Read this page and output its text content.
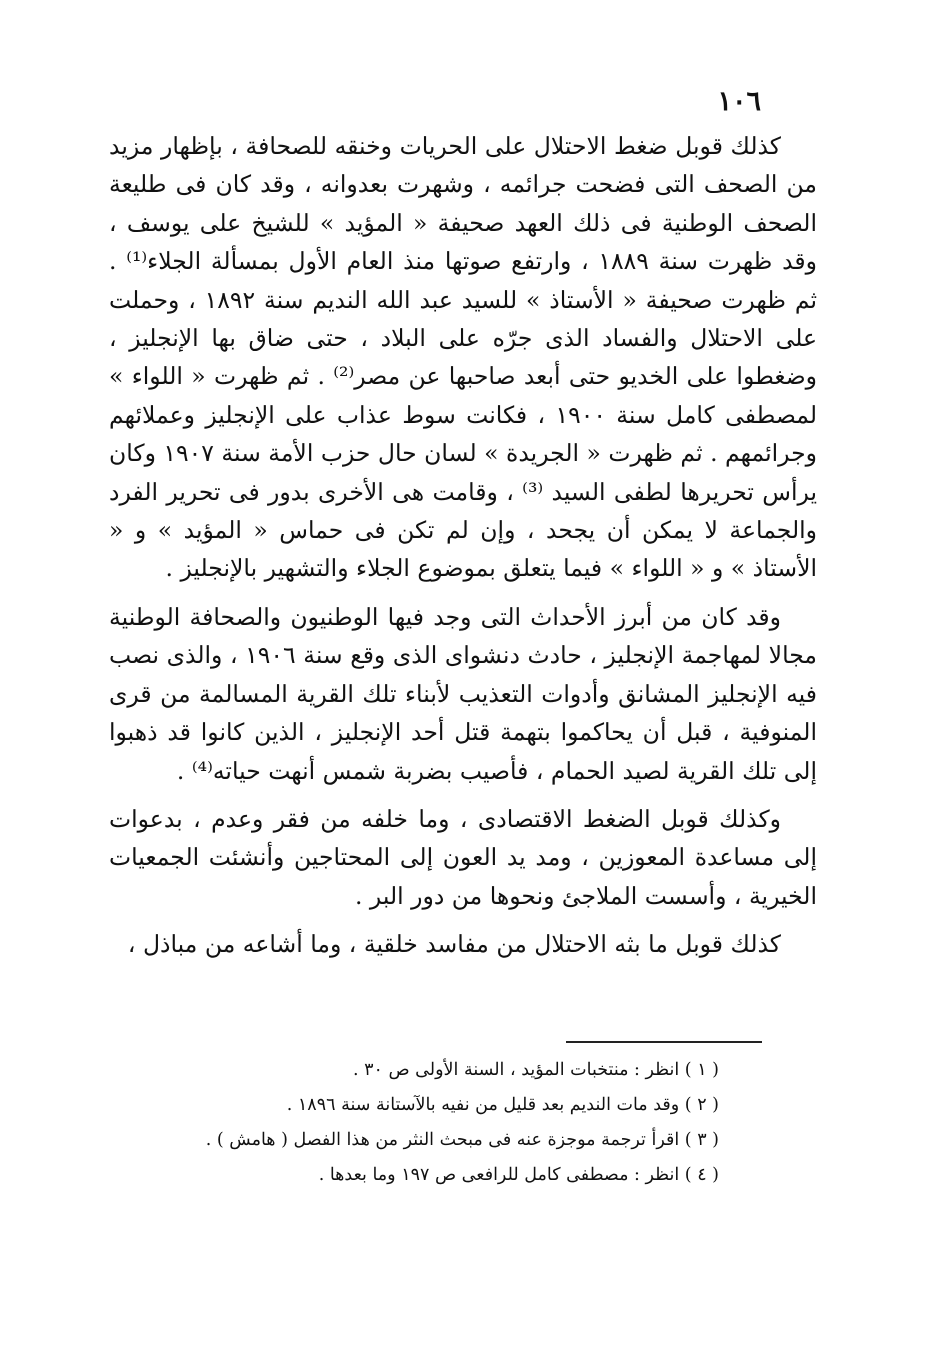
١٠٦

كذلك قوبل ضغط الاحتلال على الحريات وخنقه للصحافة ، بإظهار مزيد من الصحف التى فضحت جرائمه ، وشهرت بعدوانه ، وقد كان فى طليعة الصحف الوطنية فى ذلك العهد صحيفة « المؤيد » للشيخ على يوسف ، وقد ظهرت سنة ١٨٨٩ ، وارتفع صوتها منذ العام الأول بمسألة الجلاء⁽¹⁾ . ثم ظهرت صحيفة « الأستاذ » للسيد عبد الله النديم سنة ١٨٩٢ ، وحملت على الاحتلال والفساد الذى جرّه على البلاد ، حتى ضاق بها الإنجليز ، وضغطوا على الخديو حتى أبعد صاحبها عن مصر⁽²⁾ . ثم ظهرت « اللواء » لمصطفى كامل سنة ١٩٠٠ ، فكانت سوط عذاب على الإنجليز وعملائهم وجرائمهم . ثم ظهرت « الجريدة » لسان حال حزب الأمة سنة ١٩٠٧ وكان يرأس تحريرها لطفى السيد ⁽³⁾ ، وقامت هى الأخرى بدور فى تحرير الفرد والجماعة لا يمكن أن يجحد ، وإن لم تكن فى حماس « المؤيد » و « الأستاذ » و « اللواء » فيما يتعلق بموضوع الجلاء والتشهير بالإنجليز .

وقد كان من أبرز الأحداث التى وجد فيها الوطنيون والصحافة الوطنية مجالا لمهاجمة الإنجليز ، حادث دنشواى الذى وقع سنة ١٩٠٦ ، والذى نصب فيه الإنجليز المشانق وأدوات التعذيب لأبناء تلك القرية المسالمة من قرى المنوفية ، قبل أن يحاكموا بتهمة قتل أحد الإنجليز ، الذين كانوا قد ذهبوا إلى تلك القرية لصيد الحمام ، فأصيب بضربة شمس أنهت حياته⁽⁴⁾ .

وكذلك قوبل الضغط الاقتصادى ، وما خلفه من فقر وعدم ، بدعوات إلى مساعدة المعوزين ، ومد يد العون إلى المحتاجين وأنشئت الجمعيات الخيرية ، وأسست الملاجئ ونحوها من دور البر .

كذلك قوبل ما بثه الاحتلال من مفاسد خلقية ، وما أشاعه من مباذل ،

( ١ ) انظر : منتخبات المؤيد ، السنة الأولى ص ٣٠ .
( ٢ ) وقد مات النديم بعد قليل من نفيه بالآستانة سنة ١٨٩٦ .
( ٣ ) اقرأ ترجمة موجزة عنه فى مبحث النثر من هذا الفصل ( هامش ) .
( ٤ ) انظر : مصطفى كامل للرافعى ص ١٩٧ وما بعدها .
